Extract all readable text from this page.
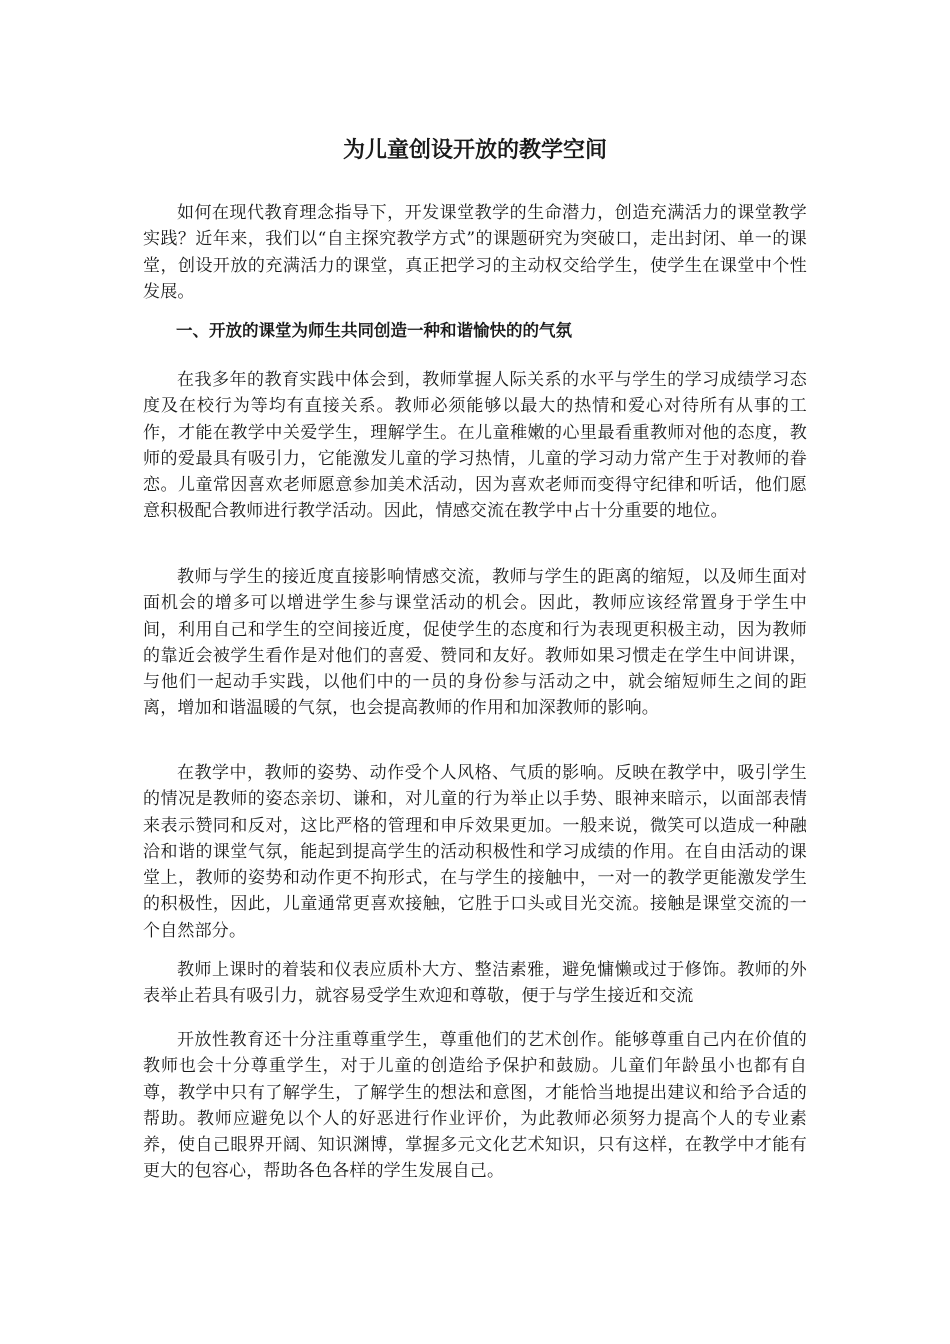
为儿童创设开放的教学空间

如何在现代教育理念指导下，开发课堂教学的生命潜力，创造充满活力的课堂教学实践？近年来，我们以“自主探究教学方式”的课题研究为突破口，走出封闭、单一的课堂，创设开放的充满活力的课堂，真正把学习的主动权交给学生，使学生在课堂中个性发展。

一、开放的课堂为师生共同创造一种和谐愉快的的气氛

在我多年的教育实践中体会到，教师掌握人际关系的水平与学生的学习成绩学习态度及在校行为等均有直接关系。教师必须能够以最大的热情和爱心对待所有从事的工作，才能在教学中关爱学生，理解学生。在儿童稚嫩的心里最看重教师对他的态度，教师的爱最具有吸引力，它能激发儿童的学习热情，儿童的学习动力常产生于对教师的眷恋。儿童常因喜欢老师愿意参加美术活动，因为喜欢老师而变得守纪律和听话，他们愿意积极配合教师进行教学活动。因此，情感交流在教学中占十分重要的地位。

教师与学生的接近度直接影响情感交流，教师与学生的距离的缩短，以及师生面对面机会的增多可以增进学生参与课堂活动的机会。因此，教师应该经常置身于学生中间，利用自己和学生的空间接近度，促使学生的态度和行为表现更积极主动，因为教师的靠近会被学生看作是对他们的喜爱、赞同和友好。教师如果习惯走在学生中间讲课，与他们一起动手实践，以他们中的一员的身份参与活动之中，就会缩短师生之间的距离，增加和谐温暖的气氛，也会提高教师的作用和加深教师的影响。

在教学中，教师的姿势、动作受个人风格、气质的影响。反映在教学中，吸引学生的情况是教师的姿态亲切、谦和，对儿童的行为举止以手势、眼神来暗示，以面部表情来表示赞同和反对，这比严格的管理和申斥效果更加。一般来说，微笑可以造成一种融洽和谐的课堂气氛，能起到提高学生的活动积极性和学习成绩的作用。在自由活动的课堂上，教师的姿势和动作更不拘形式，在与学生的接触中，一对一的教学更能激发学生的积极性，因此，儿童通常更喜欢接触，它胜于口头或目光交流。接触是课堂交流的一个自然部分。

教师上课时的着装和仪表应质朴大方、整洁素雅，避免慵懒或过于修饰。教师的外表举止若具有吸引力，就容易受学生欢迎和尊敬，便于与学生接近和交流

开放性教育还十分注重尊重学生，尊重他们的艺术创作。能够尊重自己内在价值的教师也会十分尊重学生，对于儿童的创造给予保护和鼓励。儿童们年龄虽小也都有自尊，教学中只有了解学生，了解学生的想法和意图，才能恰当地提出建议和给予合适的帮助。教师应避免以个人的好恶进行作业评价，为此教师必须努力提高个人的专业素养，使自己眼界开阔、知识渊博，掌握多元文化艺术知识，只有这样，在教学中才能有更大的包容心，帮助各色各样的学生发展自己。
